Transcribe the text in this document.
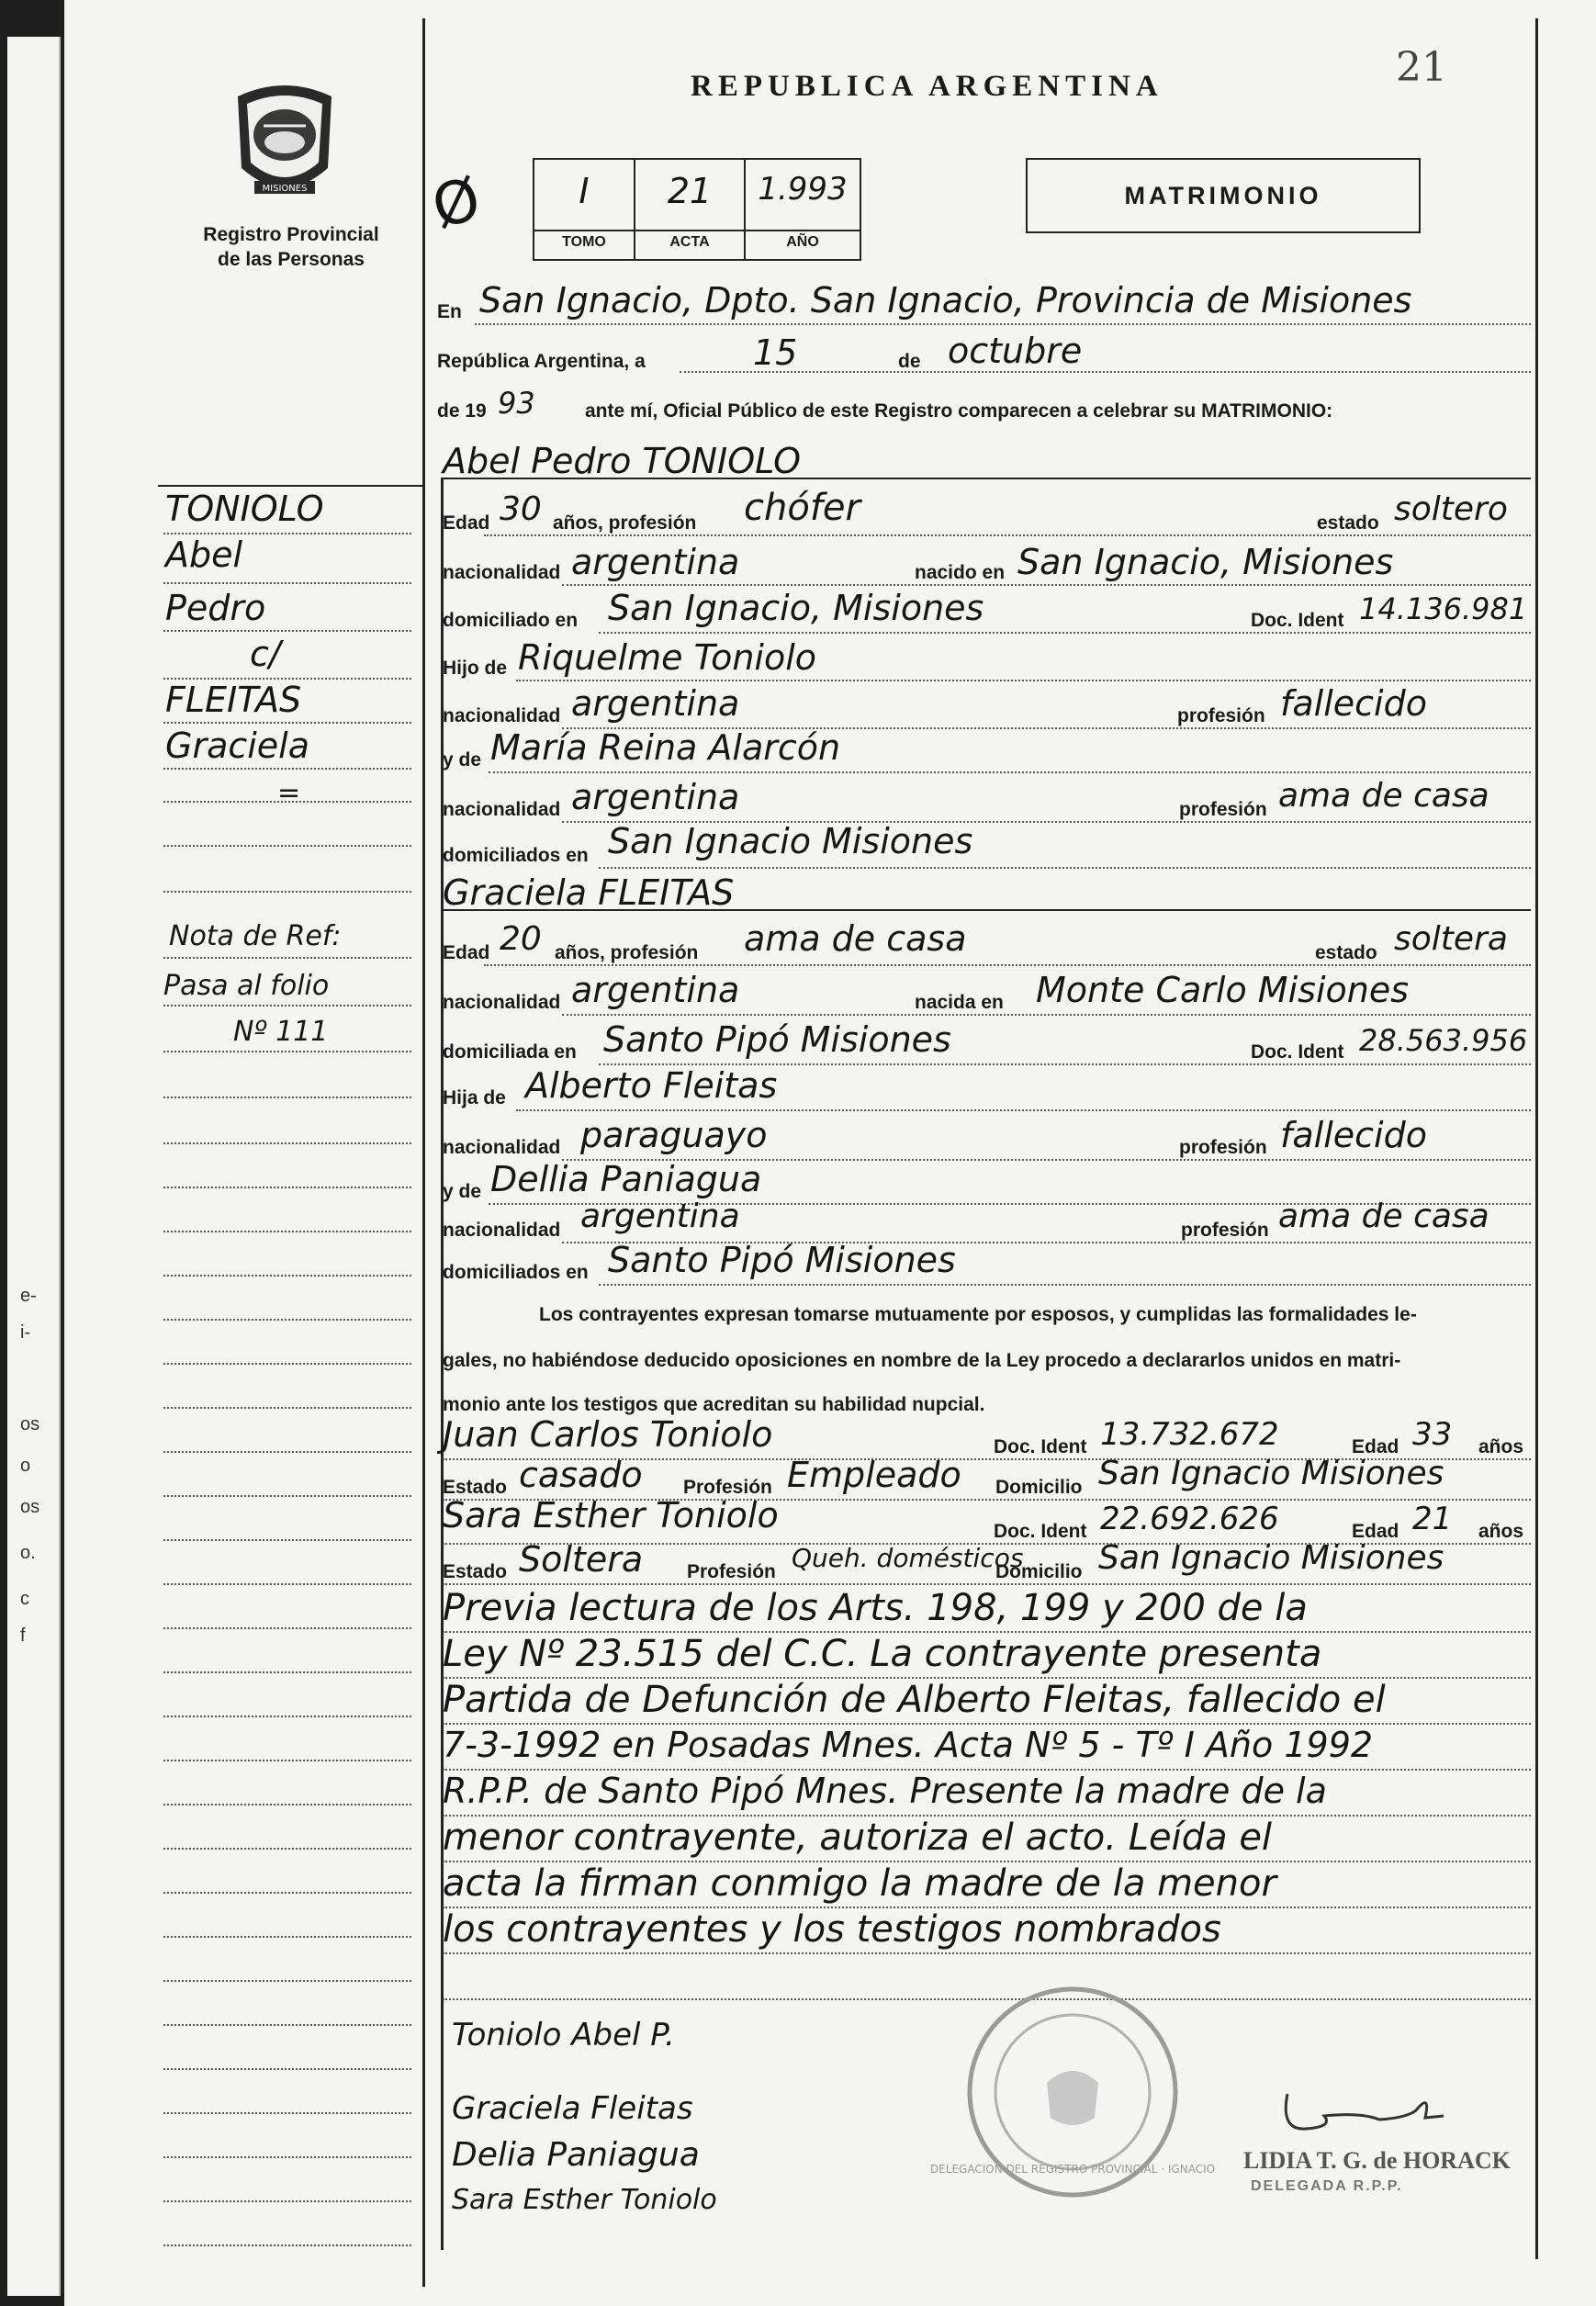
e-
i-
os
o
os
o.
c
f
21
MISIONES
Registro Provincial
de las Personas
REPUBLICA ARGENTINA
Ø	I	21	1.993
TOMO	ACTA	AÑO
MATRIMONIO
En San Ignacio, Dpto. San Ignacio, Provincia de Misiones
República Argentina, a	15	de octubre
de 19 93	ante mí, Oficial Público de este Registro comparecen a celebrar su MATRIMONIO:
Abel Pedro TONIOLO
Edad 30 años, profesión chófer	estado soltero
nacionalidad argentina	nacido en San Ignacio, Misiones
domiciliado en San Ignacio, Misiones	Doc. Ident 14.136.981
Hijo de Riquelme Toniolo
nacionalidad argentina	profesión fallecido
y de María Reina Alarcón
nacionalidad argentina	profesión ama de casa
domiciliados en San Ignacio Misiones
Graciela FLEITAS
Edad 20 años, profesión ama de casa	estado soltera
nacionalidad argentina	nacida en Monte Carlo Misiones
domiciliada en Santo Pipó Misiones	Doc. Ident 28.563.956
Hija de Alberto Fleitas
nacionalidad paraguayo	profesión fallecido
y de Dellia Paniagua
nacionalidad argentina	profesión ama de casa
domiciliados en Santo Pipó Misiones
Los contrayentes expresan tomarse mutuamente por esposos, y cumplidas las formalidades le-
gales, no habiéndose deducido oposiciones en nombre de la Ley procedo a declararlos unidos en matri-
monio ante los testigos que acreditan su habilidad nupcial.
Juan Carlos Toniolo	Doc. Ident 13.732.672	Edad 33 años
Estado casado Profesión Empleado Domicilio San Ignacio Misiones
Sara Esther Toniolo	Doc. Ident 22.692.626	Edad 21 años
Estado Soltera Profesión Queh. domésticos
Domicilio San Ignacio Misiones
Previa lectura de los Arts. 198, 199 y 200 de la
Ley Nº 23.515 del C.C. La contrayente presenta
Partida de Defunción de Alberto Fleitas, fallecido el
7-3-1992 en Posadas Mnes. Acta Nº 5 - Tº I Año 1992
R.P.P. de Santo Pipó Mnes. Presente la madre de la
menor contrayente, autoriza el acto. Leída el
acta la firman conmigo la madre de la menor
los contrayentes y los testigos nombrados
DELEGACION DEL REGISTRO PROVINCIAL · IGNACIO
Toniolo Abel P.
Graciela Fleitas
Delia Paniagua
Sara Esther Toniolo
LIDIA T. G. de HORACK
DELEGADA R.P.P.
TONIOLO
Abel
Pedro
c/
FLEITAS
Graciela
=
Nota de Ref:
Pasa al folio
Nº 111
